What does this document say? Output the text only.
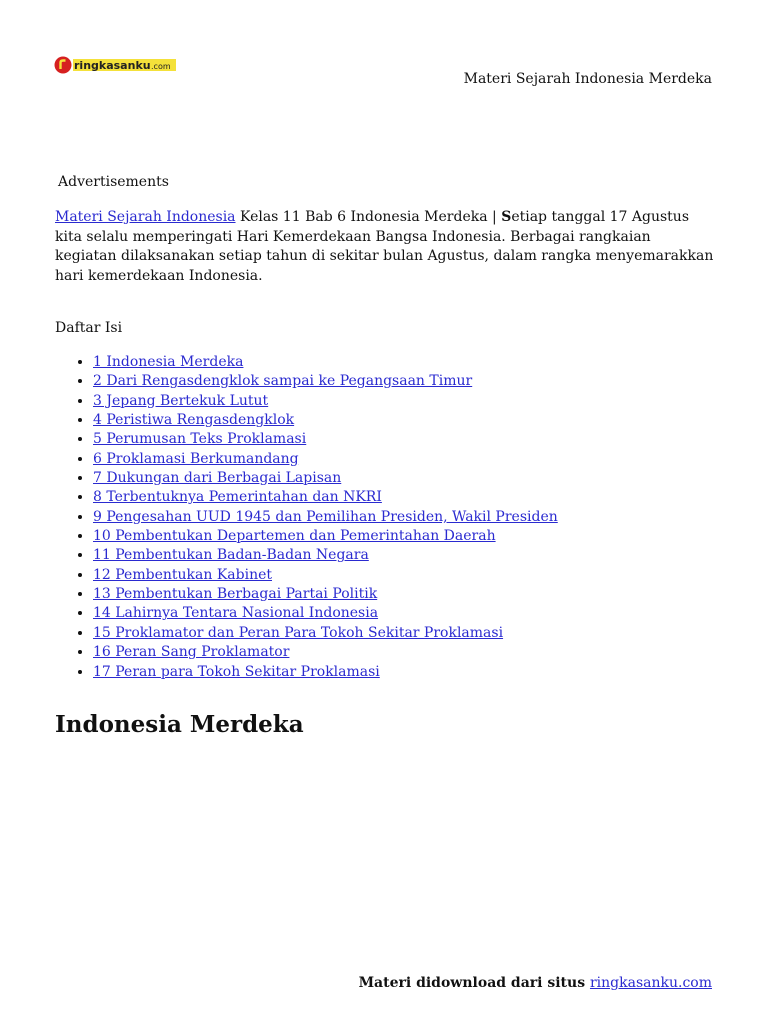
ringkasanku .com
Materi Sejarah Indonesia Merdeka
Advertisements

Materi Sejarah Indonesia Kelas 11 Bab 6 Indonesia Merdeka | Setiap tanggal 17 Agustus kita selalu memperingati Hari Kemerdekaan Bangsa Indonesia. Berbagai rangkaian kegiatan dilaksanakan setiap tahun di sekitar bulan Agustus, dalam rangka menyemarakkan hari kemerdekaan Indonesia.

Daftar Isi
• 1 Indonesia Merdeka
• 2 Dari Rengasdengklok sampai ke Pegangsaan Timur
• 3 Jepang Bertekuk Lutut
• 4 Peristiwa Rengasdengklok
• 5 Perumusan Teks Proklamasi
• 6 Proklamasi Berkumandang
• 7 Dukungan dari Berbagai Lapisan
• 8 Terbentuknya Pemerintahan dan NKRI
• 9 Pengesahan UUD 1945 dan Pemilihan Presiden, Wakil Presiden
• 10 Pembentukan Departemen dan Pemerintahan Daerah
• 11 Pembentukan Badan-Badan Negara
• 12 Pembentukan Kabinet
• 13 Pembentukan Berbagai Partai Politik
• 14 Lahirnya Tentara Nasional Indonesia
• 15 Proklamator dan Peran Para Tokoh Sekitar Proklamasi
• 16 Peran Sang Proklamator
• 17 Peran para Tokoh Sekitar Proklamasi
Indonesia Merdeka
Materi didownload dari situs ringkasanku.com
